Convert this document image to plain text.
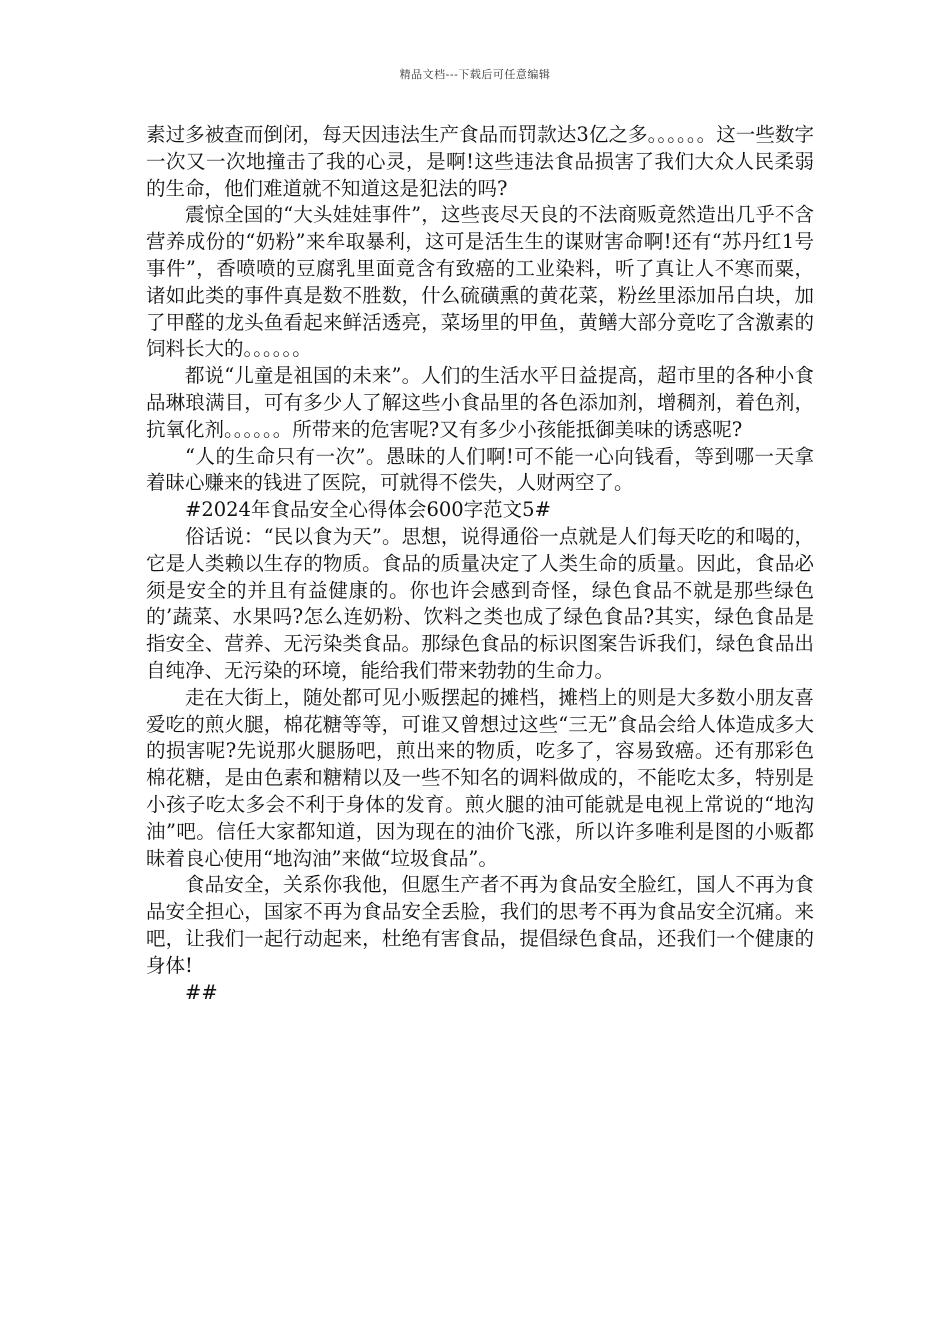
精品文档---下载后可任意编辑

素过多被查而倒闭，每天因违法生产食品而罚款达3亿之多。。。。。。这一些数字一次又一次地撞击了我的心灵，是啊!这些违法食品损害了我们大众人民柔弱的生命，他们难道就不知道这是犯法的吗?

震惊全国的“大头娃娃事件”，这些丧尽天良的不法商贩竟然造出几乎不含营养成份的“奶粉”来牟取暴利，这可是活生生的谋财害命啊!还有“苏丹红1号事件”，香喷喷的豆腐乳里面竟含有致癌的工业染料，听了真让人不寒而粟，诸如此类的事件真是数不胜数，什么硫磺熏的黄花菜，粉丝里添加吊白块，加了甲醛的龙头鱼看起来鲜活透亮，菜场里的甲鱼，黄鳝大部分竟吃了含激素的饲料长大的。。。。。。

都说“儿童是祖国的未来”。人们的生活水平日益提高，超市里的各种小食品琳琅满目，可有多少人了解这些小食品里的各色添加剂，增稠剂，着色剂，抗氧化剂。。。。。。所带来的危害呢?又有多少小孩能抵御美味的诱惑呢?

“人的生命只有一次”。愚昧的人们啊!可不能一心向钱看，等到哪一天拿着昧心赚来的钱进了医院，可就得不偿失，人财两空了。

#2024年食品安全心得体会600字范文5#

俗话说：“民以食为天”。思想，说得通俗一点就是人们每天吃的和喝的，它是人类赖以生存的物质。食品的质量决定了人类生命的质量。因此，食品必须是安全的并且有益健康的。你也许会感到奇怪，绿色食品不就是那些绿色的’蔬菜、水果吗?怎么连奶粉、饮料之类也成了绿色食品?其实，绿色食品是指安全、营养、无污染类食品。那绿色食品的标识图案告诉我们，绿色食品出自纯净、无污染的环境，能给我们带来勃勃的生命力。

走在大街上，随处都可见小贩摆起的摊档，摊档上的则是大多数小朋友喜爱吃的煎火腿，棉花糖等等，可谁又曾想过这些“三无”食品会给人体造成多大的损害呢?先说那火腿肠吧，煎出来的物质，吃多了，容易致癌。还有那彩色棉花糖，是由色素和糖精以及一些不知名的调料做成的，不能吃太多，特别是小孩子吃太多会不利于身体的发育。煎火腿的油可能就是电视上常说的“地沟油”吧。信任大家都知道，因为现在的油价飞涨，所以许多唯利是图的小贩都昧着良心使用“地沟油”来做“垃圾食品”。

食品安全，关系你我他，但愿生产者不再为食品安全脸红，国人不再为食品安全担心，国家不再为食品安全丢脸，我们的思考不再为食品安全沉痛。来吧，让我们一起行动起来，杜绝有害食品，提倡绿色食品，还我们一个健康的身体!

##
